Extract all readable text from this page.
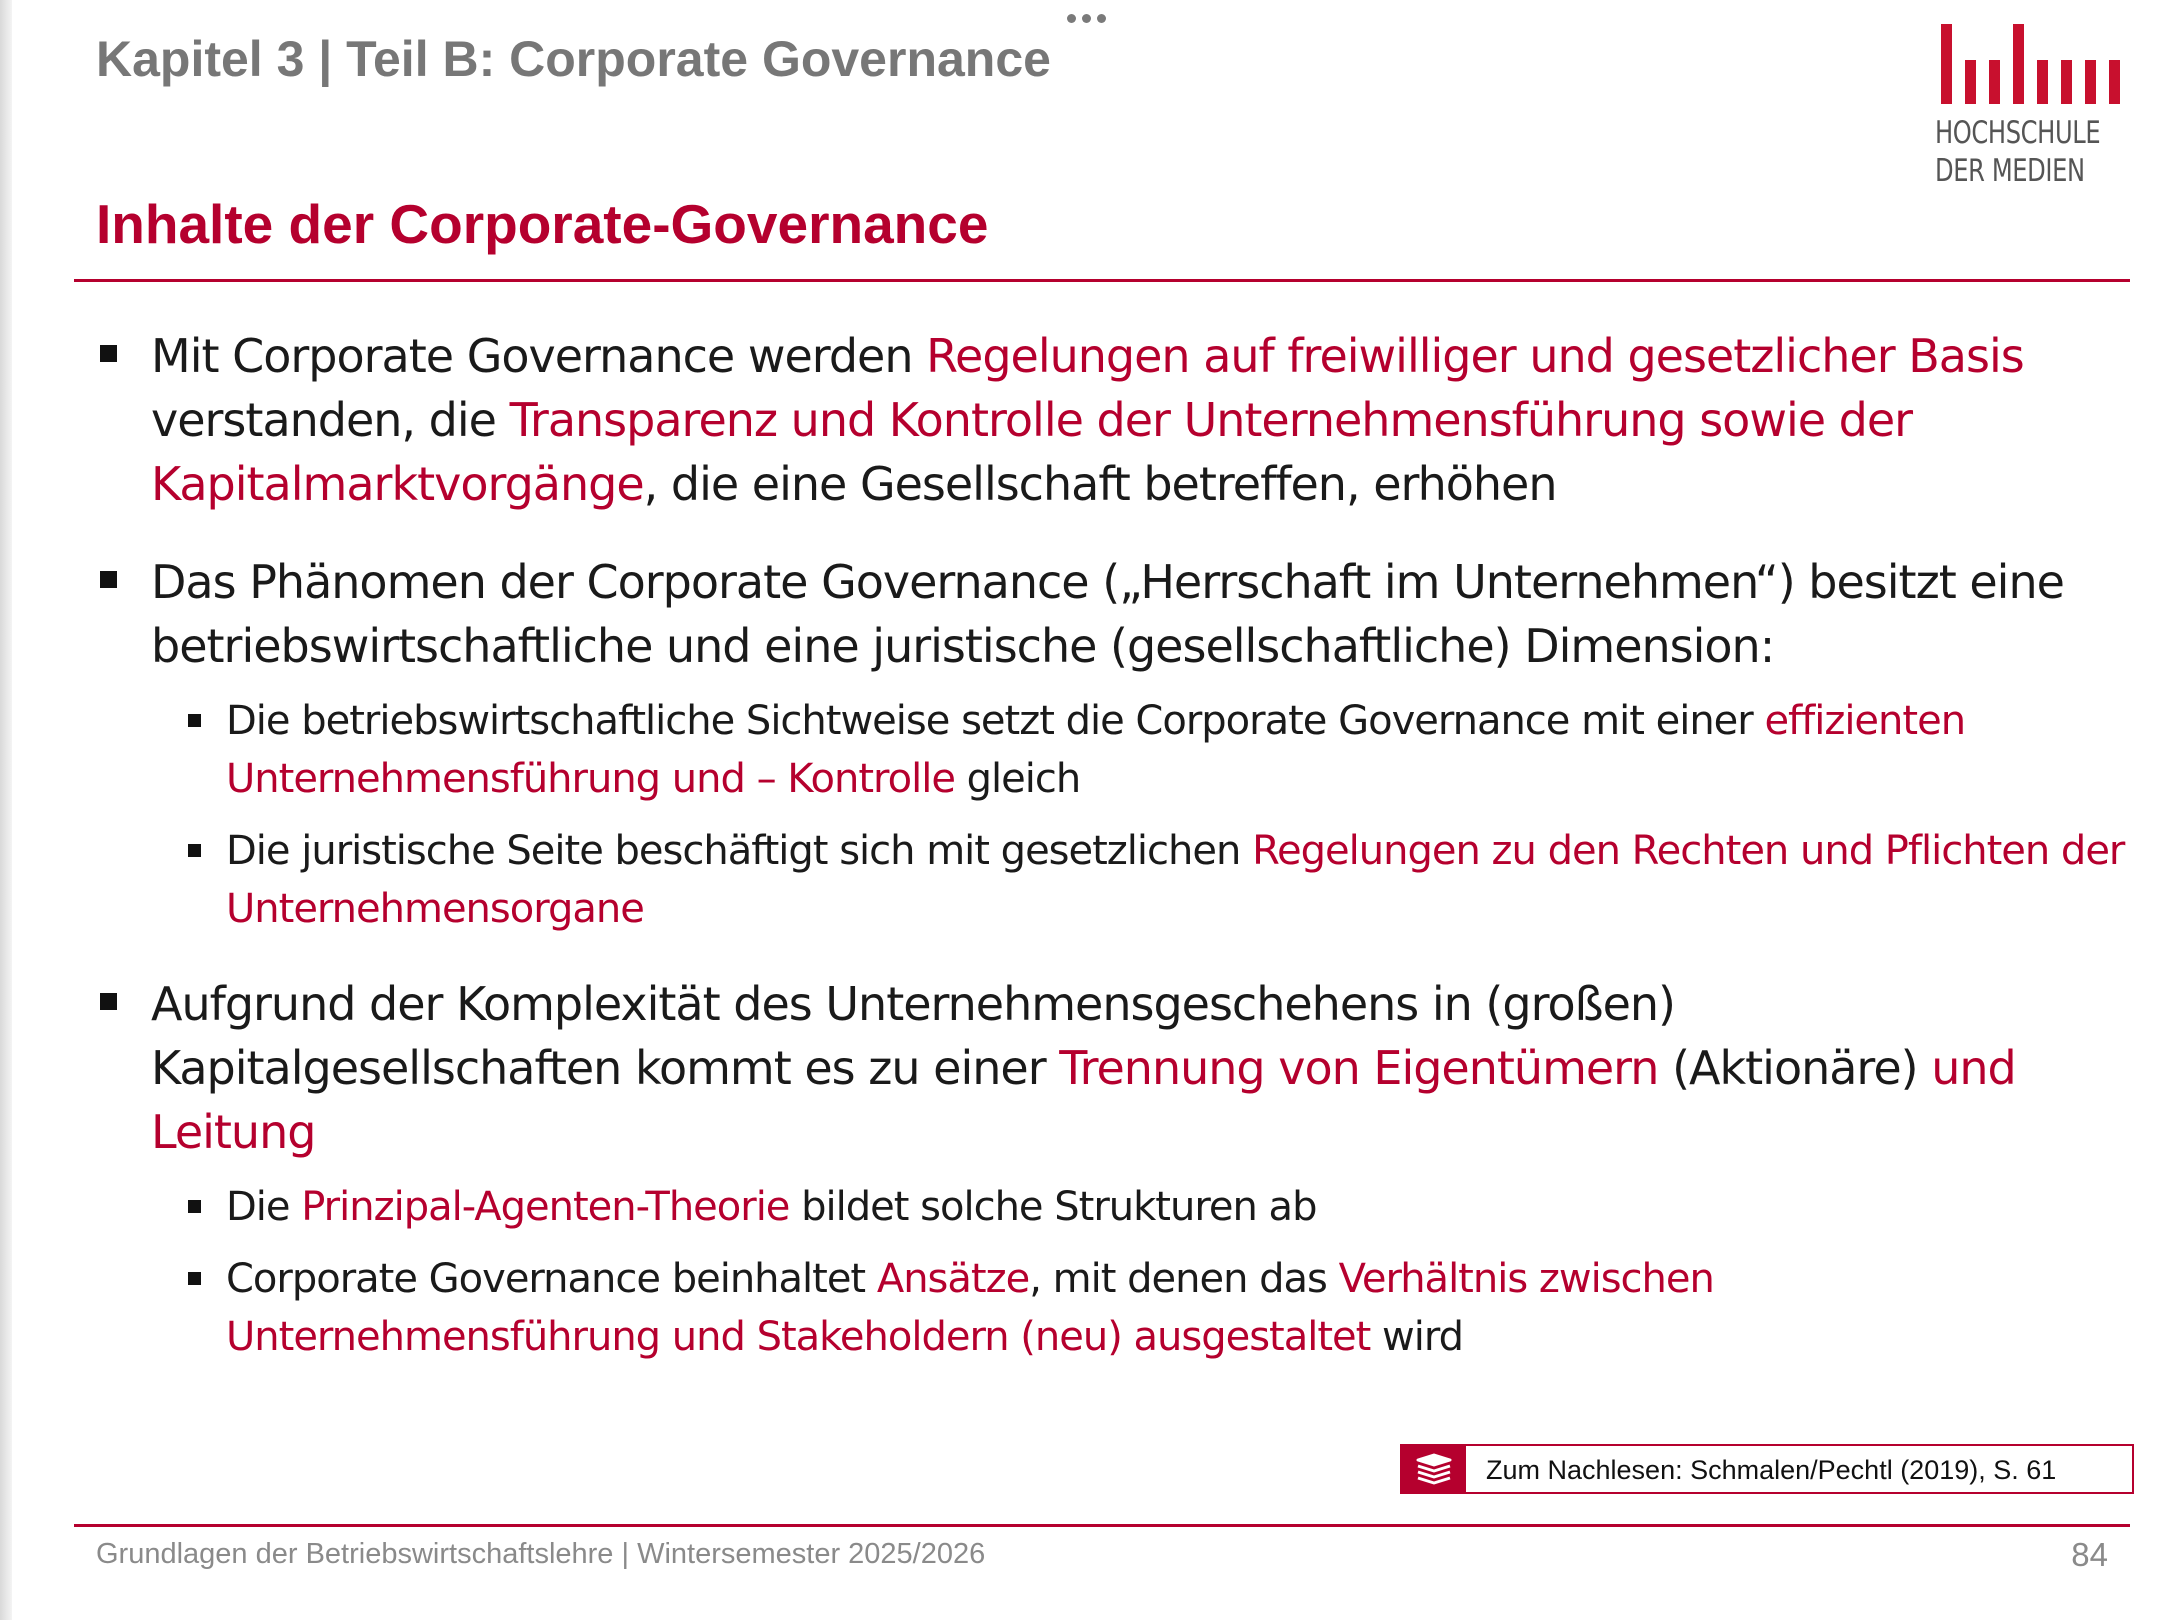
Kapitel 3 | Teil B: Corporate Governance
HOCHSCHULE
DER MEDIEN
Inhalte der Corporate-Governance
Mit Corporate Governance werden Regelungen auf freiwilliger und gesetzlicher Basis verstanden, die Transparenz und Kontrolle der Unternehmensführung sowie der Kapitalmarktvorgänge, die eine Gesellschaft betreffen, erhöhen
Das Phänomen der Corporate Governance („Herrschaft im Unternehmen“) besitzt eine betriebswirtschaftliche und eine juristische (gesellschaftliche) Dimension:
Die betriebswirtschaftliche Sichtweise setzt die Corporate Governance mit einer effizienten Unternehmensführung und – Kontrolle gleich
Die juristische Seite beschäftigt sich mit gesetzlichen Regelungen zu den Rechten und Pflichten der Unternehmensorgane
Aufgrund der Komplexität des Unternehmensgeschehens in (großen) Kapitalgesellschaften kommt es zu einer Trennung von Eigentümern (Aktionäre) und Leitung
Die Prinzipal-Agenten-Theorie bildet solche Strukturen ab
Corporate Governance beinhaltet Ansätze, mit denen das Verhältnis zwischen Unternehmensführung und Stakeholdern (neu) ausgestaltet wird
Zum Nachlesen: Schmalen/Pechtl (2019), S. 61
Grundlagen der Betriebswirtschaftslehre | Wintersemester 2025/2026	84
